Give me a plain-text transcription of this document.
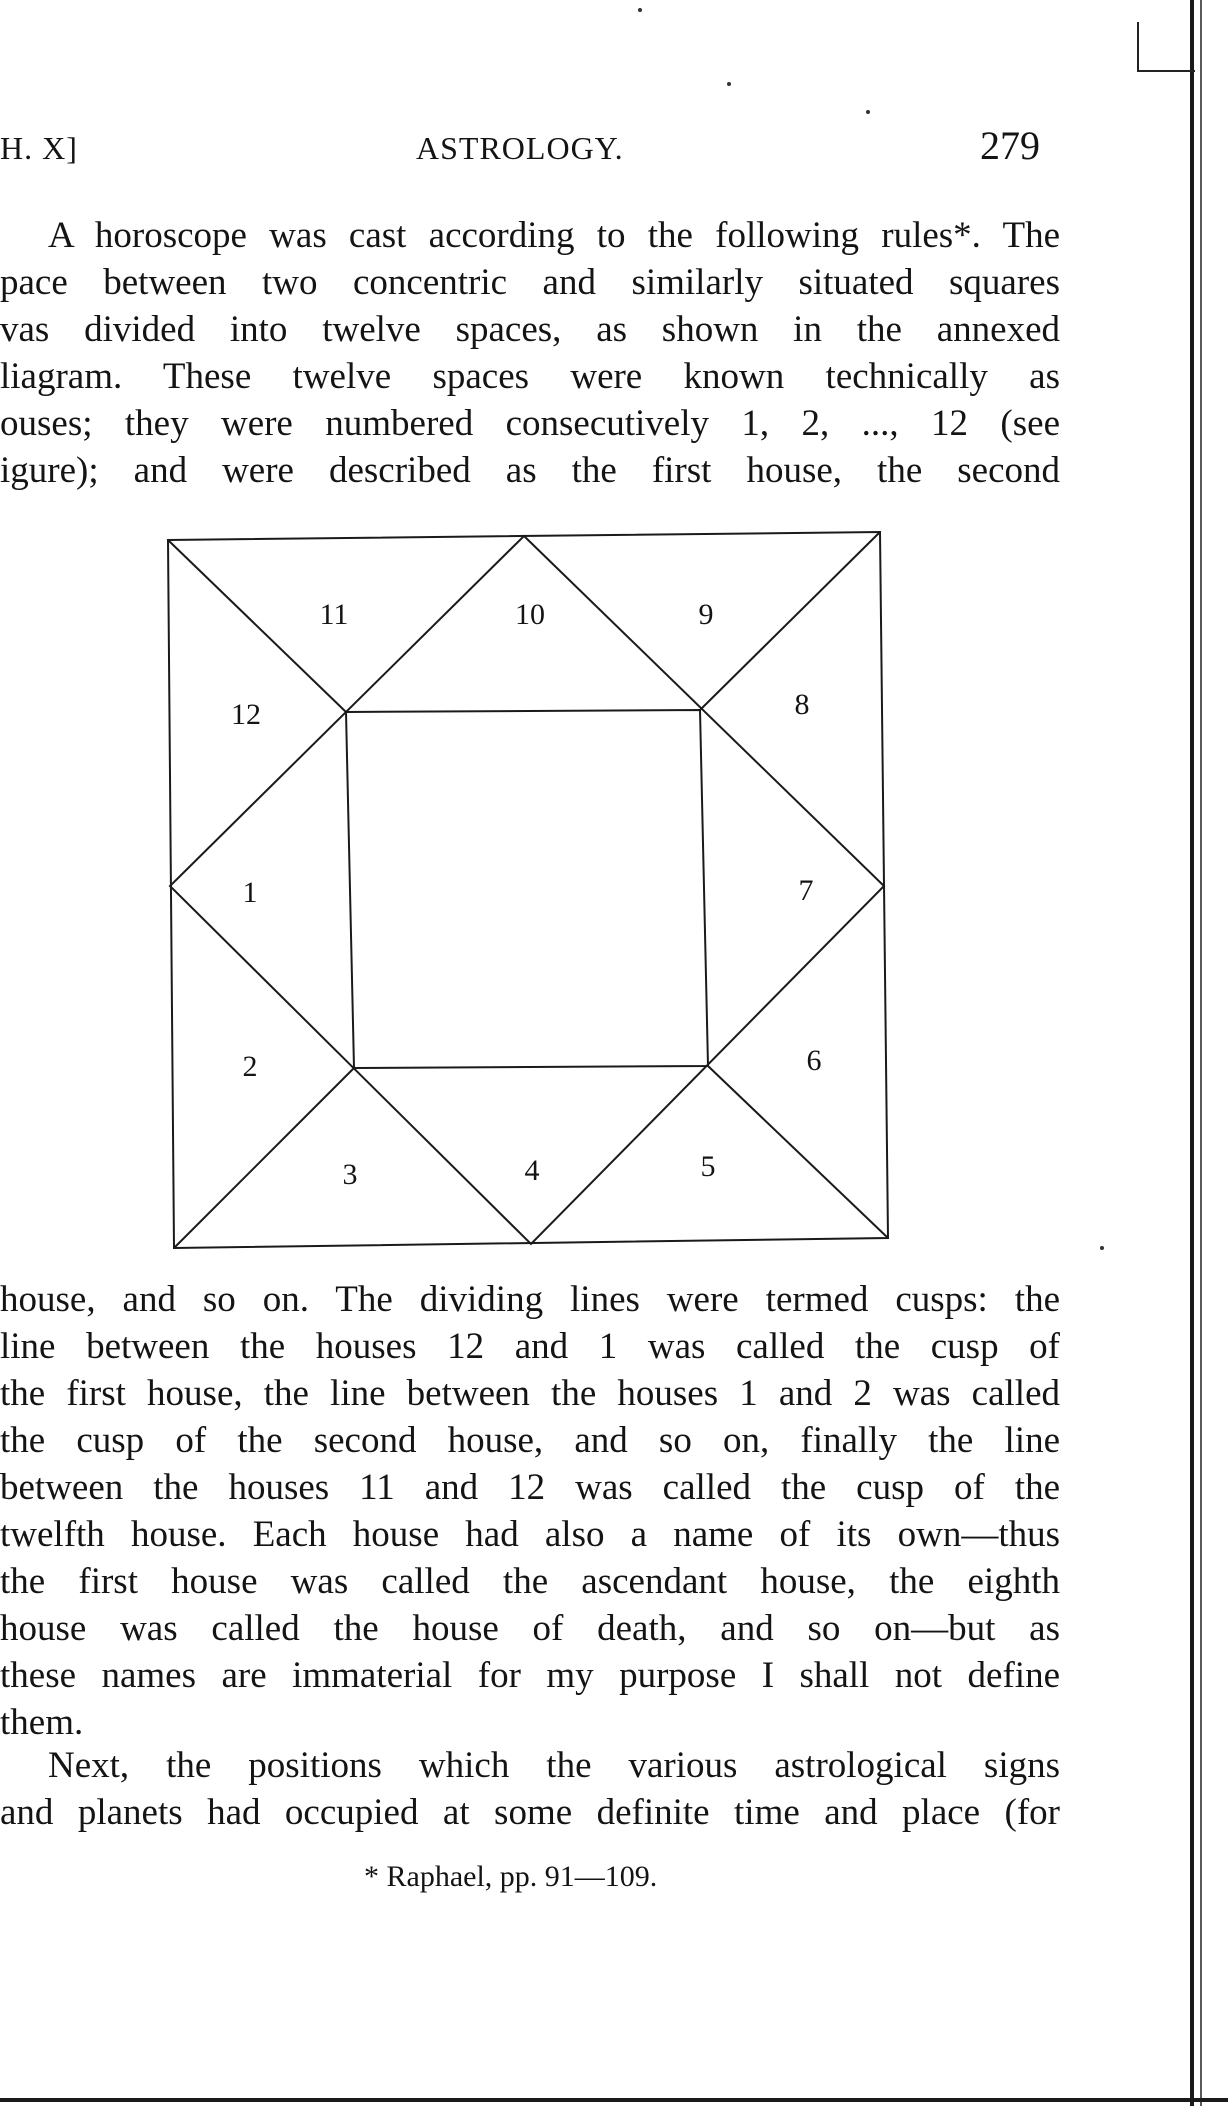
H. X]	ASTROLOGY.	279
A horoscope was cast according to the following rules*. The
pace between two concentric and similarly situated squares
vas divided into twelve spaces, as shown in the annexed
liagram. These twelve spaces were known technically as
ouses; they were numbered consecutively 1, 2, ..., 12 (see
igure); and were described as the first house, the second
1
2
3	4	5
6
7
8
9
10
11
12
house, and so on. The dividing lines were termed cusps: the
line between the houses 12 and 1 was called the cusp of
the first house, the line between the houses 1 and 2 was called
the cusp of the second house, and so on, finally the line
between the houses 11 and 12 was called the cusp of the
twelfth house. Each house had also a name of its own—thus
the first house was called the ascendant house, the eighth
house was called the house of death, and so on—but as
these names are immaterial for my purpose I shall not define
them.
Next, the positions which the various astrological signs
and planets had occupied at some definite time and place (for
* Raphael, pp. 91—109.
